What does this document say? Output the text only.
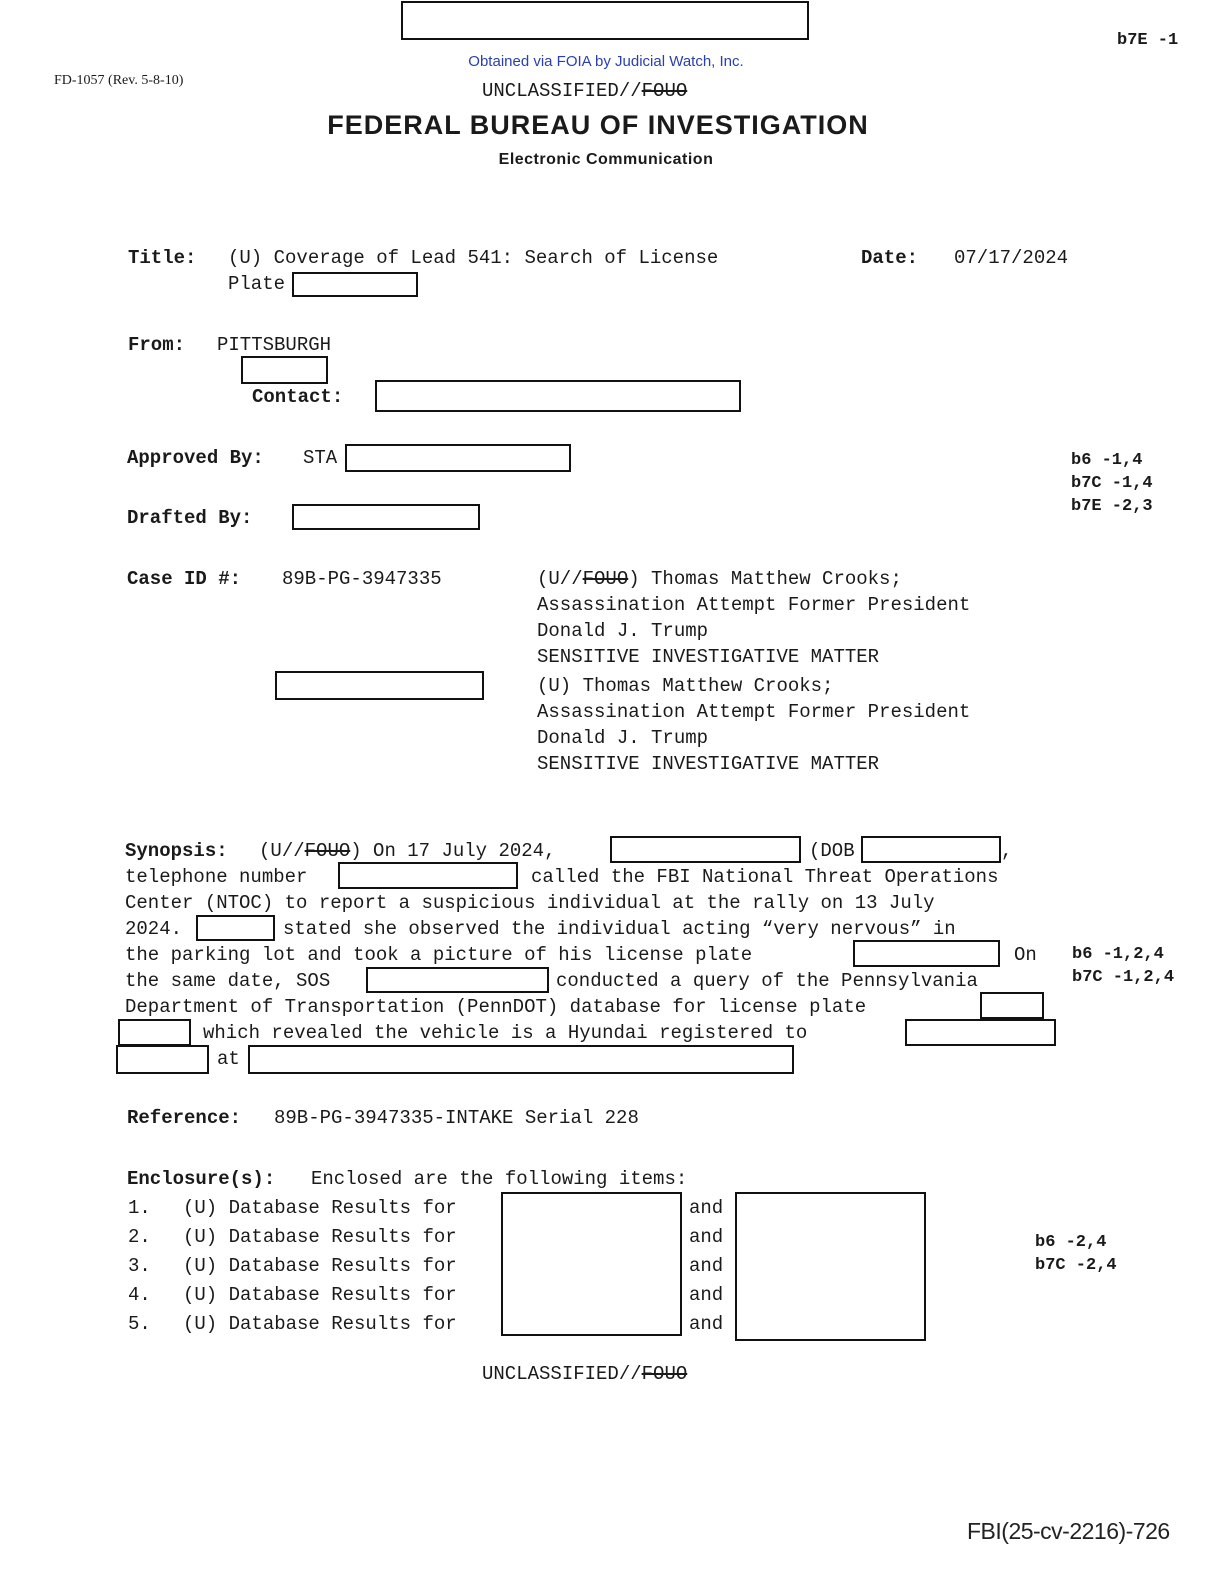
Obtained via FOIA by Judicial Watch, Inc.
FD-1057 (Rev. 5-8-10)
b7E -1
UNCLASSIFIED//FOUO
FEDERAL BUREAU OF INVESTIGATION
Electronic Communication
Title: (U) Coverage of Lead 541: Search of License
Plate
Date: 07/17/2024
From: PITTSBURGH
Contact:
Approved By: STA
Drafted By:
b6 -1,4
b7C -1,4
b7E -2,3
Case ID #: 89B-PG-3947335	(U//FOUO) Thomas Matthew Crooks;
Assassination Attempt Former President
Donald J. Trump
SENSITIVE INVESTIGATIVE MATTER
(U) Thomas Matthew Crooks;
Assassination Attempt Former President
Donald J. Trump
SENSITIVE INVESTIGATIVE MATTER
Synopsis: (U//FOUO) On 17 July 2024,	(DOB	,
telephone number	called the FBI National Threat Operations
Center (NTOC) to report a suspicious individual at the rally on 13 July
2024.	stated she observed the individual acting “very nervous” in
the parking lot and took a picture of his license plate	On
the same date, SOS	conducted a query of the Pennsylvania
Department of Transportation (PennDOT) database for license plate
which revealed the vehicle is a Hyundai registered to
at
b6 -1,2,4
b7C -1,2,4
Reference: 89B-PG-3947335-INTAKE Serial 228
Enclosure(s): Enclosed are the following items:
1. (U) Database Results for	and
2. (U) Database Results for	and
3. (U) Database Results for	and
4. (U) Database Results for	and
5. (U) Database Results for	and
b6 -2,4
b7C -2,4
UNCLASSIFIED//FOUO
FBI(25-cv-2216)-726
